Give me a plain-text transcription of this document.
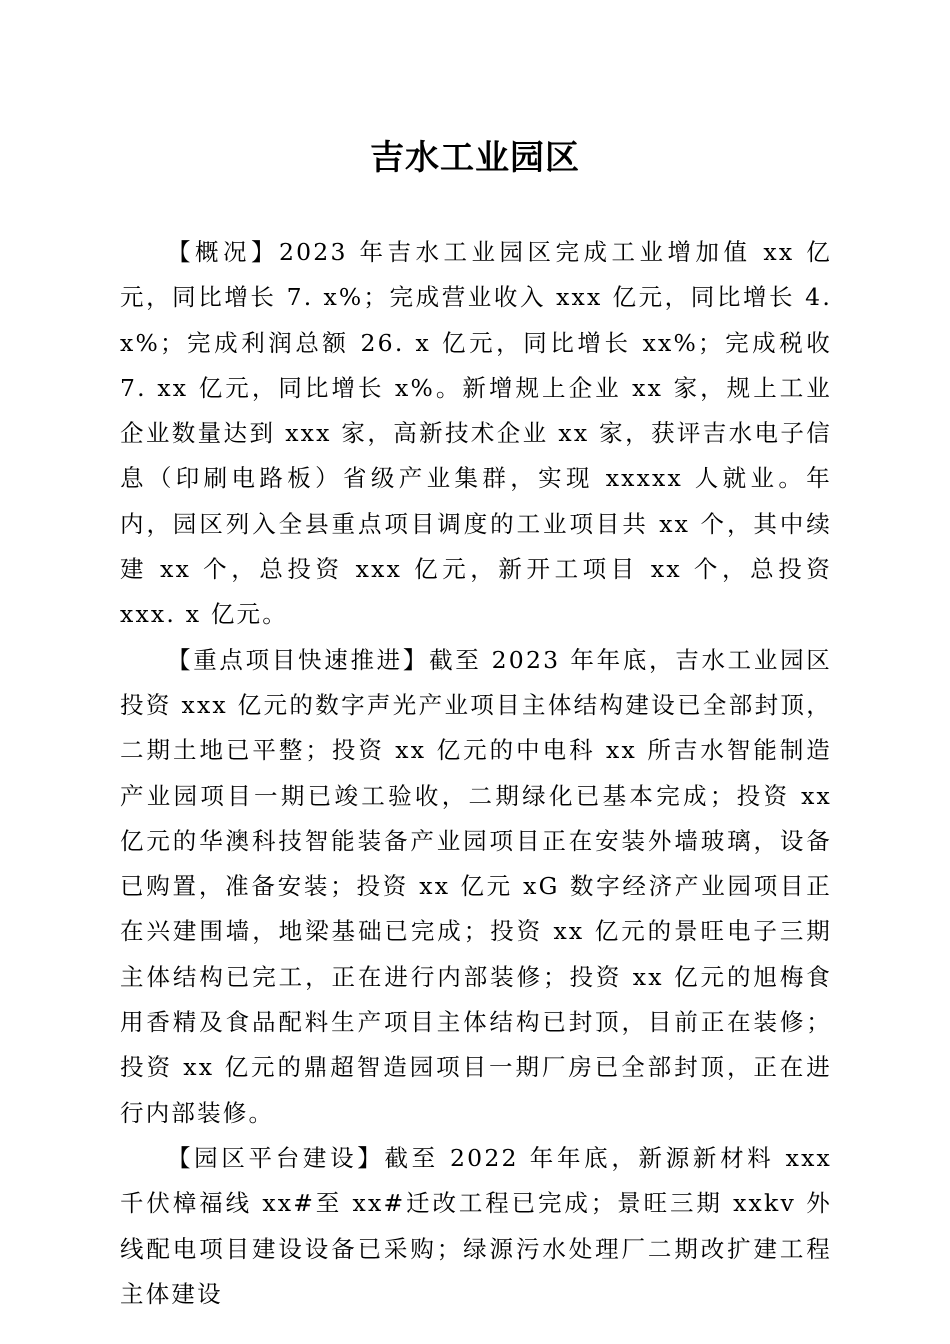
吉水工业园区

【概况】2023 年吉水工业园区完成工业增加值 xx 亿元，同比增长 7. x%；完成营业收入 xxx 亿元，同比增长 4. x%；完成利润总额 26. x 亿元，同比增长 xx%；完成税收 7. xx 亿元，同比增长 x%。新增规上企业 xx 家，规上工业企业数量达到 xxx 家，高新技术企业 xx 家，获评吉水电子信息（印刷电路板）省级产业集群，实现 xxxxx 人就业。年内，园区列入全县重点项目调度的工业项目共 xx 个，其中续建 xx 个，总投资 xxx 亿元，新开工项目 xx 个，总投资 xxx. x 亿元。

【重点项目快速推进】截至 2023 年年底，吉水工业园区投资 xxx 亿元的数字声光产业项目主体结构建设已全部封顶，二期土地已平整；投资 xx 亿元的中电科 xx 所吉水智能制造产业园项目一期已竣工验收，二期绿化已基本完成；投资 xx 亿元的华澳科技智能装备产业园项目正在安装外墙玻璃，设备已购置，准备安装；投资 xx 亿元 xG 数字经济产业园项目正在兴建围墙，地梁基础已完成；投资 xx 亿元的景旺电子三期主体结构已完工，正在进行内部装修；投资 xx 亿元的旭梅食用香精及食品配料生产项目主体结构已封顶，目前正在装修；投资 xx 亿元的鼎超智造园项目一期厂房已全部封顶，正在进行内部装修。

【园区平台建设】截至 2022 年年底，新源新材料 xxx 千伏樟福线 xx#至 xx#迁改工程已完成；景旺三期 xxkv 外线配电项目建设设备已采购；绿源污水处理厂二期改扩建工程主体建设
